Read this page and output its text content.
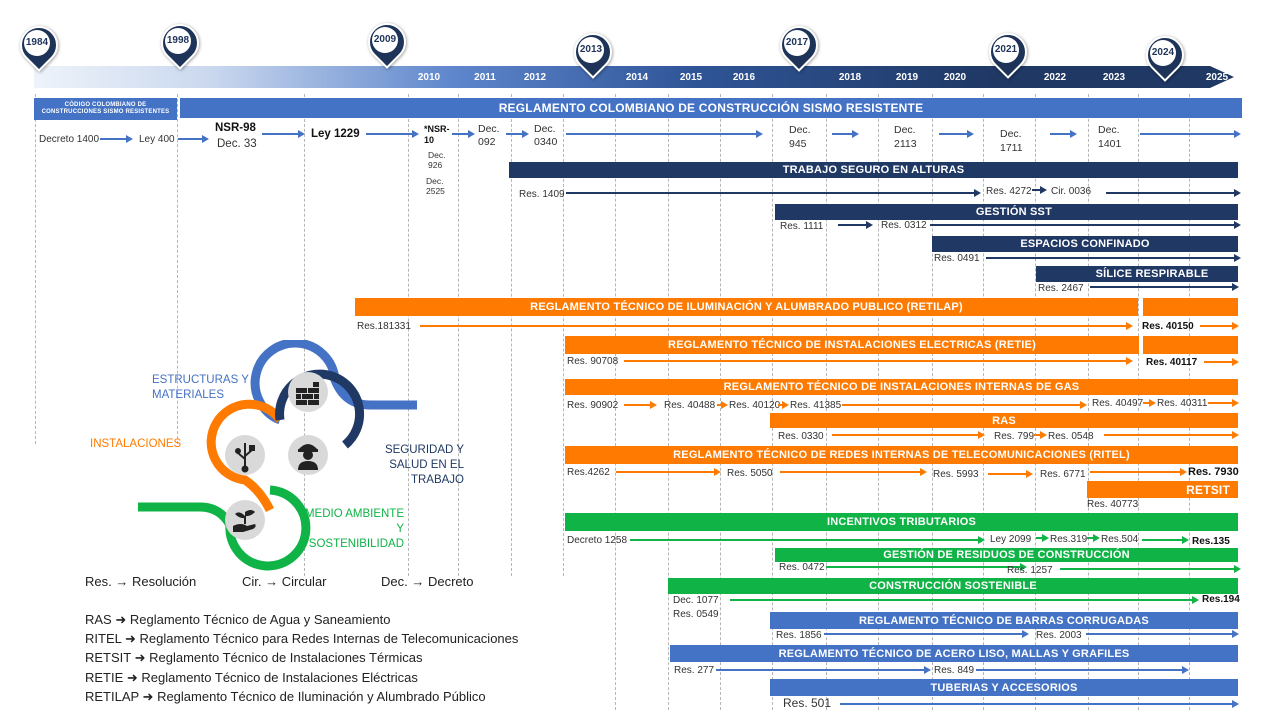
2010	2011	2012	2014	2015	2016	2018	2019	2020	2022	2023	2025
1984	1998	2009
2013
2017
2021	2024
CÓDIGO COLOMBIANO DE CONSTRUCCIONES SISMO RESISTENTES	REGLAMENTO COLOMBIANO DE CONSTRUCCIÓN SISMO RESISTENTE
Decreto 1400	Ley 400
NSR-98
Dec. 33
Ley 1229	*NSR-10
Dec. 926
Dec. 2525
Dec. 092
Dec. 0340
Dec. 945
Dec. 2113
Dec. 1711
Dec. 1401
TRABAJO SEGURO EN ALTURAS
Res. 1409	Res. 4272 Cir. 0036
GESTIÓN SST
Res. 1111	Res. 0312
ESPACIOS CONFINADO
Res. 0491
SÍLICE RESPIRABLE
Res. 2467
REGLAMENTO TÉCNICO DE ILUMINACIÓN Y ALUMBRADO PUBLICO (RETILAP)
Res.181331	Res. 40150
REGLAMENTO TÉCNICO DE INSTALACIONES ELECTRICAS (RETIE)
Res. 90708	Res. 40117
REGLAMENTO TÉCNICO DE INSTALACIONES INTERNAS DE GAS
Res. 90902	Res. 40488 Res. 40120 Res. 41385	Res. 40497 Res. 40311
RAS
Res. 0330	Res. 799 Res. 0548
REGLAMENTO TÉCNICO DE REDES INTERNAS DE TELECOMUNICACIONES (RITEL)
Res.4262	Res. 5050	Res. 5993	Res. 6771	Res. 7930
RETSIT
Res. 40773
INCENTIVOS TRIBUTARIOS
Decreto 1258	Ley 2099 Res.319 Res.504	Res.135
GESTIÓN DE RESIDUOS DE CONSTRUCCIÓN
Res. 0472	Res. 1257
CONSTRUCCIÓN SOSTENIBLE
Dec. 1077
Res. 0549
Res.194
REGLAMENTO TÉCNICO DE BARRAS CORRUGADAS
Res. 1856	Res. 2003
REGLAMENTO TÉCNICO DE ACERO LISO, MALLAS Y GRAFILES
Res. 277	Res. 849
TUBERIAS Y ACCESORIOS
Res. 501
ESTRUCTURAS Y MATERIALES
INSTALACIONES	SEGURIDAD Y SALUD EN EL TRABAJO
MEDIO AMBIENTE Y SOSTENIBILIDAD
Res. → Resolución	Cir. → Circular	Dec. → Decreto
RAS ➜ Reglamento Técnico de Agua y Saneamiento
RITEL ➜ Reglamento Técnico para Redes Internas de Telecomunicaciones
RETSIT ➜ Reglamento Técnico de Instalaciones Térmicas
RETIE ➜ Reglamento Técnico de Instalaciones Eléctricas
RETILAP ➜ Reglamento Técnico de Iluminación y Alumbrado Público
